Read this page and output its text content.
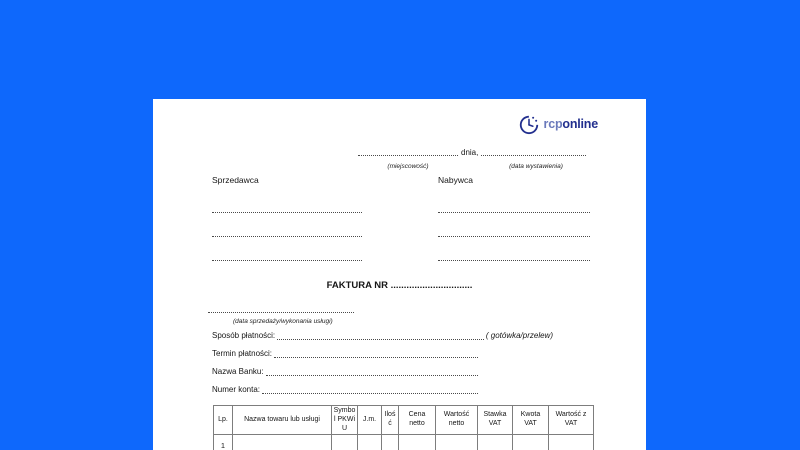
rcponline
dnia,
(miejscowość)	(data wystawienia)
Sprzedawca	Nabywca
FAKTURA NR ...............................
(data sprzedaży/wykonania usługi)
Sposób płatności:	( gotówka/przelew)
Termin płatności:
Nazwa Banku:
Numer konta:
Lp.	Nazwa towaru lub usługi	Symbol PKWiU	J.m.	Ilość	Cena netto	Wartość netto	Stawka VAT	Kwota VAT	Wartość z VAT
1									
